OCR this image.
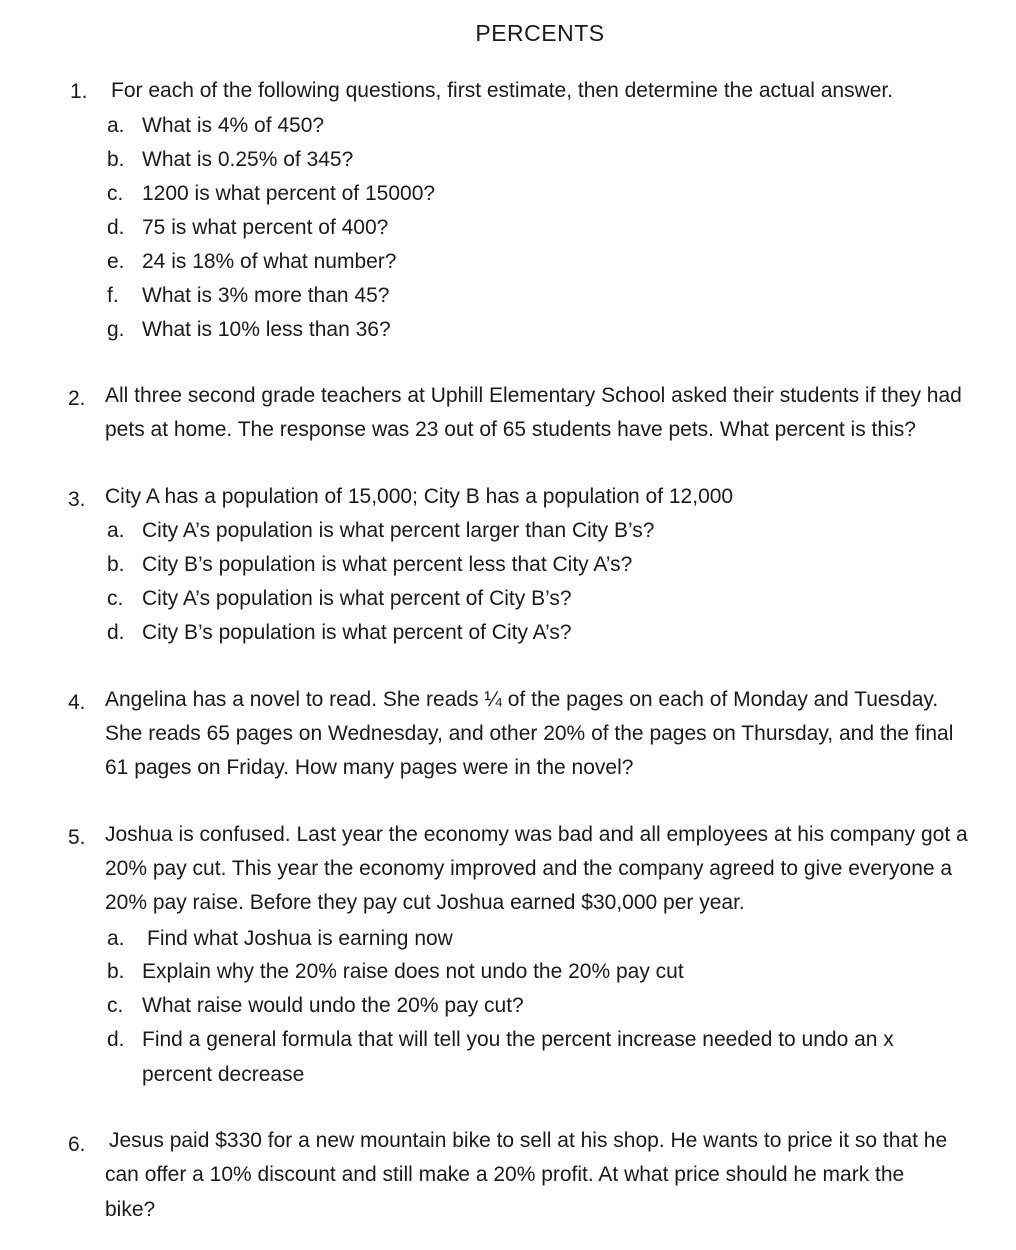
PERCENTS
1. For each of the following questions, first estimate, then determine the actual answer.
a. What is 4% of 450?
b. What is 0.25% of 345?
c. 1200 is what percent of 15000?
d. 75 is what percent of 400?
e. 24 is 18% of what number?
f. What is 3% more than 45?
g. What is 10% less than 36?
2. All three second grade teachers at Uphill Elementary School asked their students if they had
pets at home. The response was 23 out of 65 students have pets. What percent is this?
3. City A has a population of 15,000; City B has a population of 12,000
a. City A’s population is what percent larger than City B’s?
b. City B’s population is what percent less that City A’s?
c. City A’s population is what percent of City B’s?
d. City B’s population is what percent of City A’s?
4. Angelina has a novel to read. She reads ¼ of the pages on each of Monday and Tuesday.
She reads 65 pages on Wednesday, and other 20% of the pages on Thursday, and the final
61 pages on Friday. How many pages were in the novel?
5. Joshua is confused. Last year the economy was bad and all employees at his company got a
20% pay cut. This year the economy improved and the company agreed to give everyone a
20% pay raise. Before they pay cut Joshua earned $30,000 per year.
a. Find what Joshua is earning now
b. Explain why the 20% raise does not undo the 20% pay cut
c. What raise would undo the 20% pay cut?
d. Find a general formula that will tell you the percent increase needed to undo an x
percent decrease
6. Jesus paid $330 for a new mountain bike to sell at his shop. He wants to price it so that he
can offer a 10% discount and still make a 20% profit. At what price should he mark the
bike?
